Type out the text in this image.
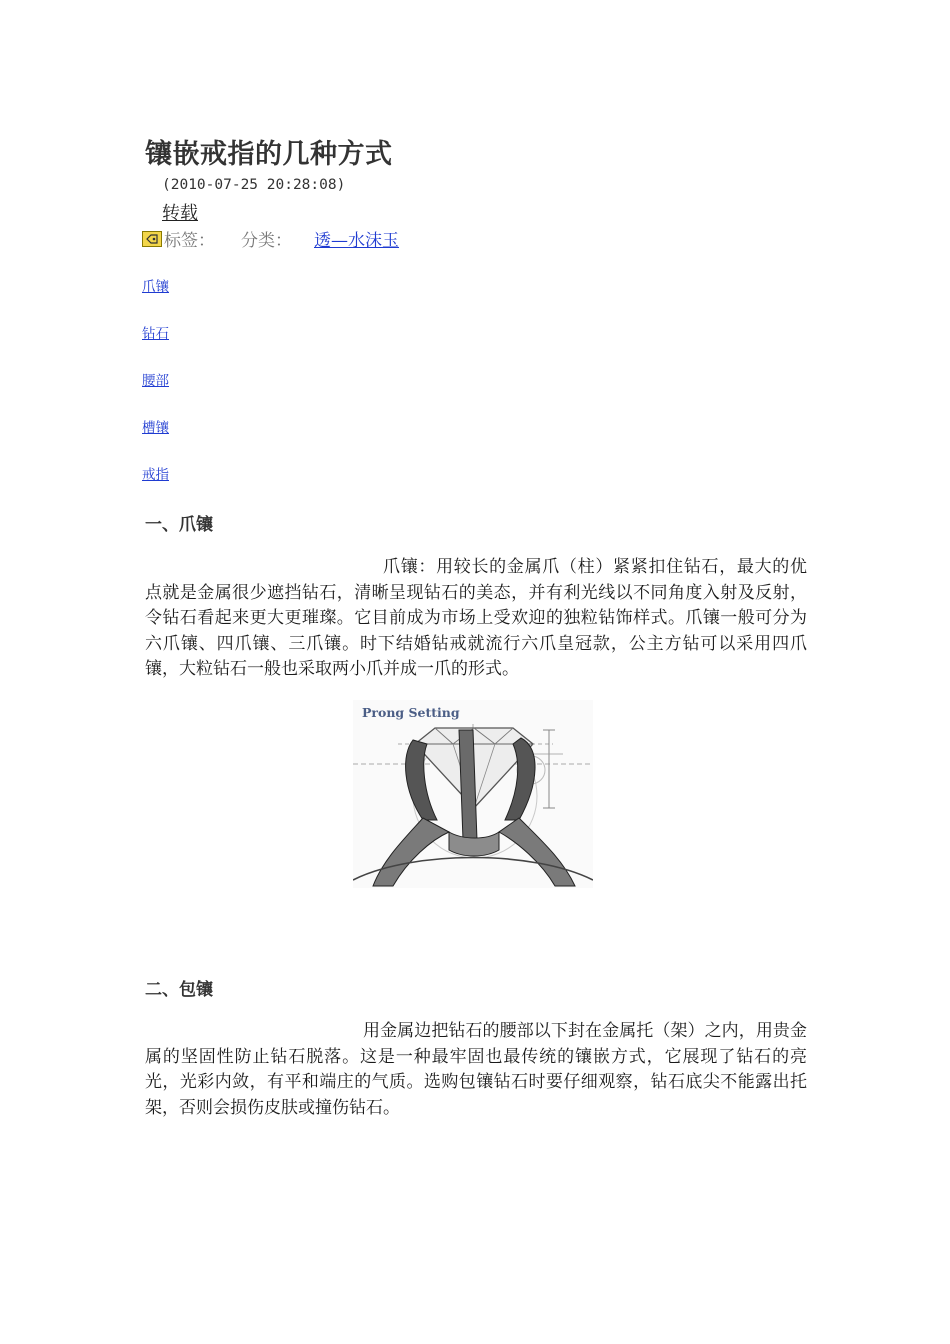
镶嵌戒指的几种方式
(2010-07-25 20:28:08)
转载
标签： 分类： 透—水沫玉
爪镶
钻石
腰部
槽镶
戒指
一、爪镶

爪镶：用较长的金属爪（柱）紧紧扣住钻石，最大的优点就是金属很少遮挡钻石，清晰呈现钻石的美态，并有利光线以不同角度入射及反射，令钻石看起来更大更璀璨。它目前成为市场上受欢迎的独粒钻饰样式。爪镶一般可分为六爪镶、四爪镶、三爪镶。时下结婚钻戒就流行六爪皇冠款，公主方钻可以采用四爪镶，大粒钻石一般也采取两小爪并成一爪的形式。

Prong Setting
二、包镶

用金属边把钻石的腰部以下封在金属托（架）之内，用贵金属的坚固性防止钻石脱落。这是一种最牢固也最传统的镶嵌方式，它展现了钻石的亮光，光彩内敛，有平和端庄的气质。选购包镶钻石时要仔细观察，钻石底尖不能露出托架，否则会损伤皮肤或撞伤钻石。
